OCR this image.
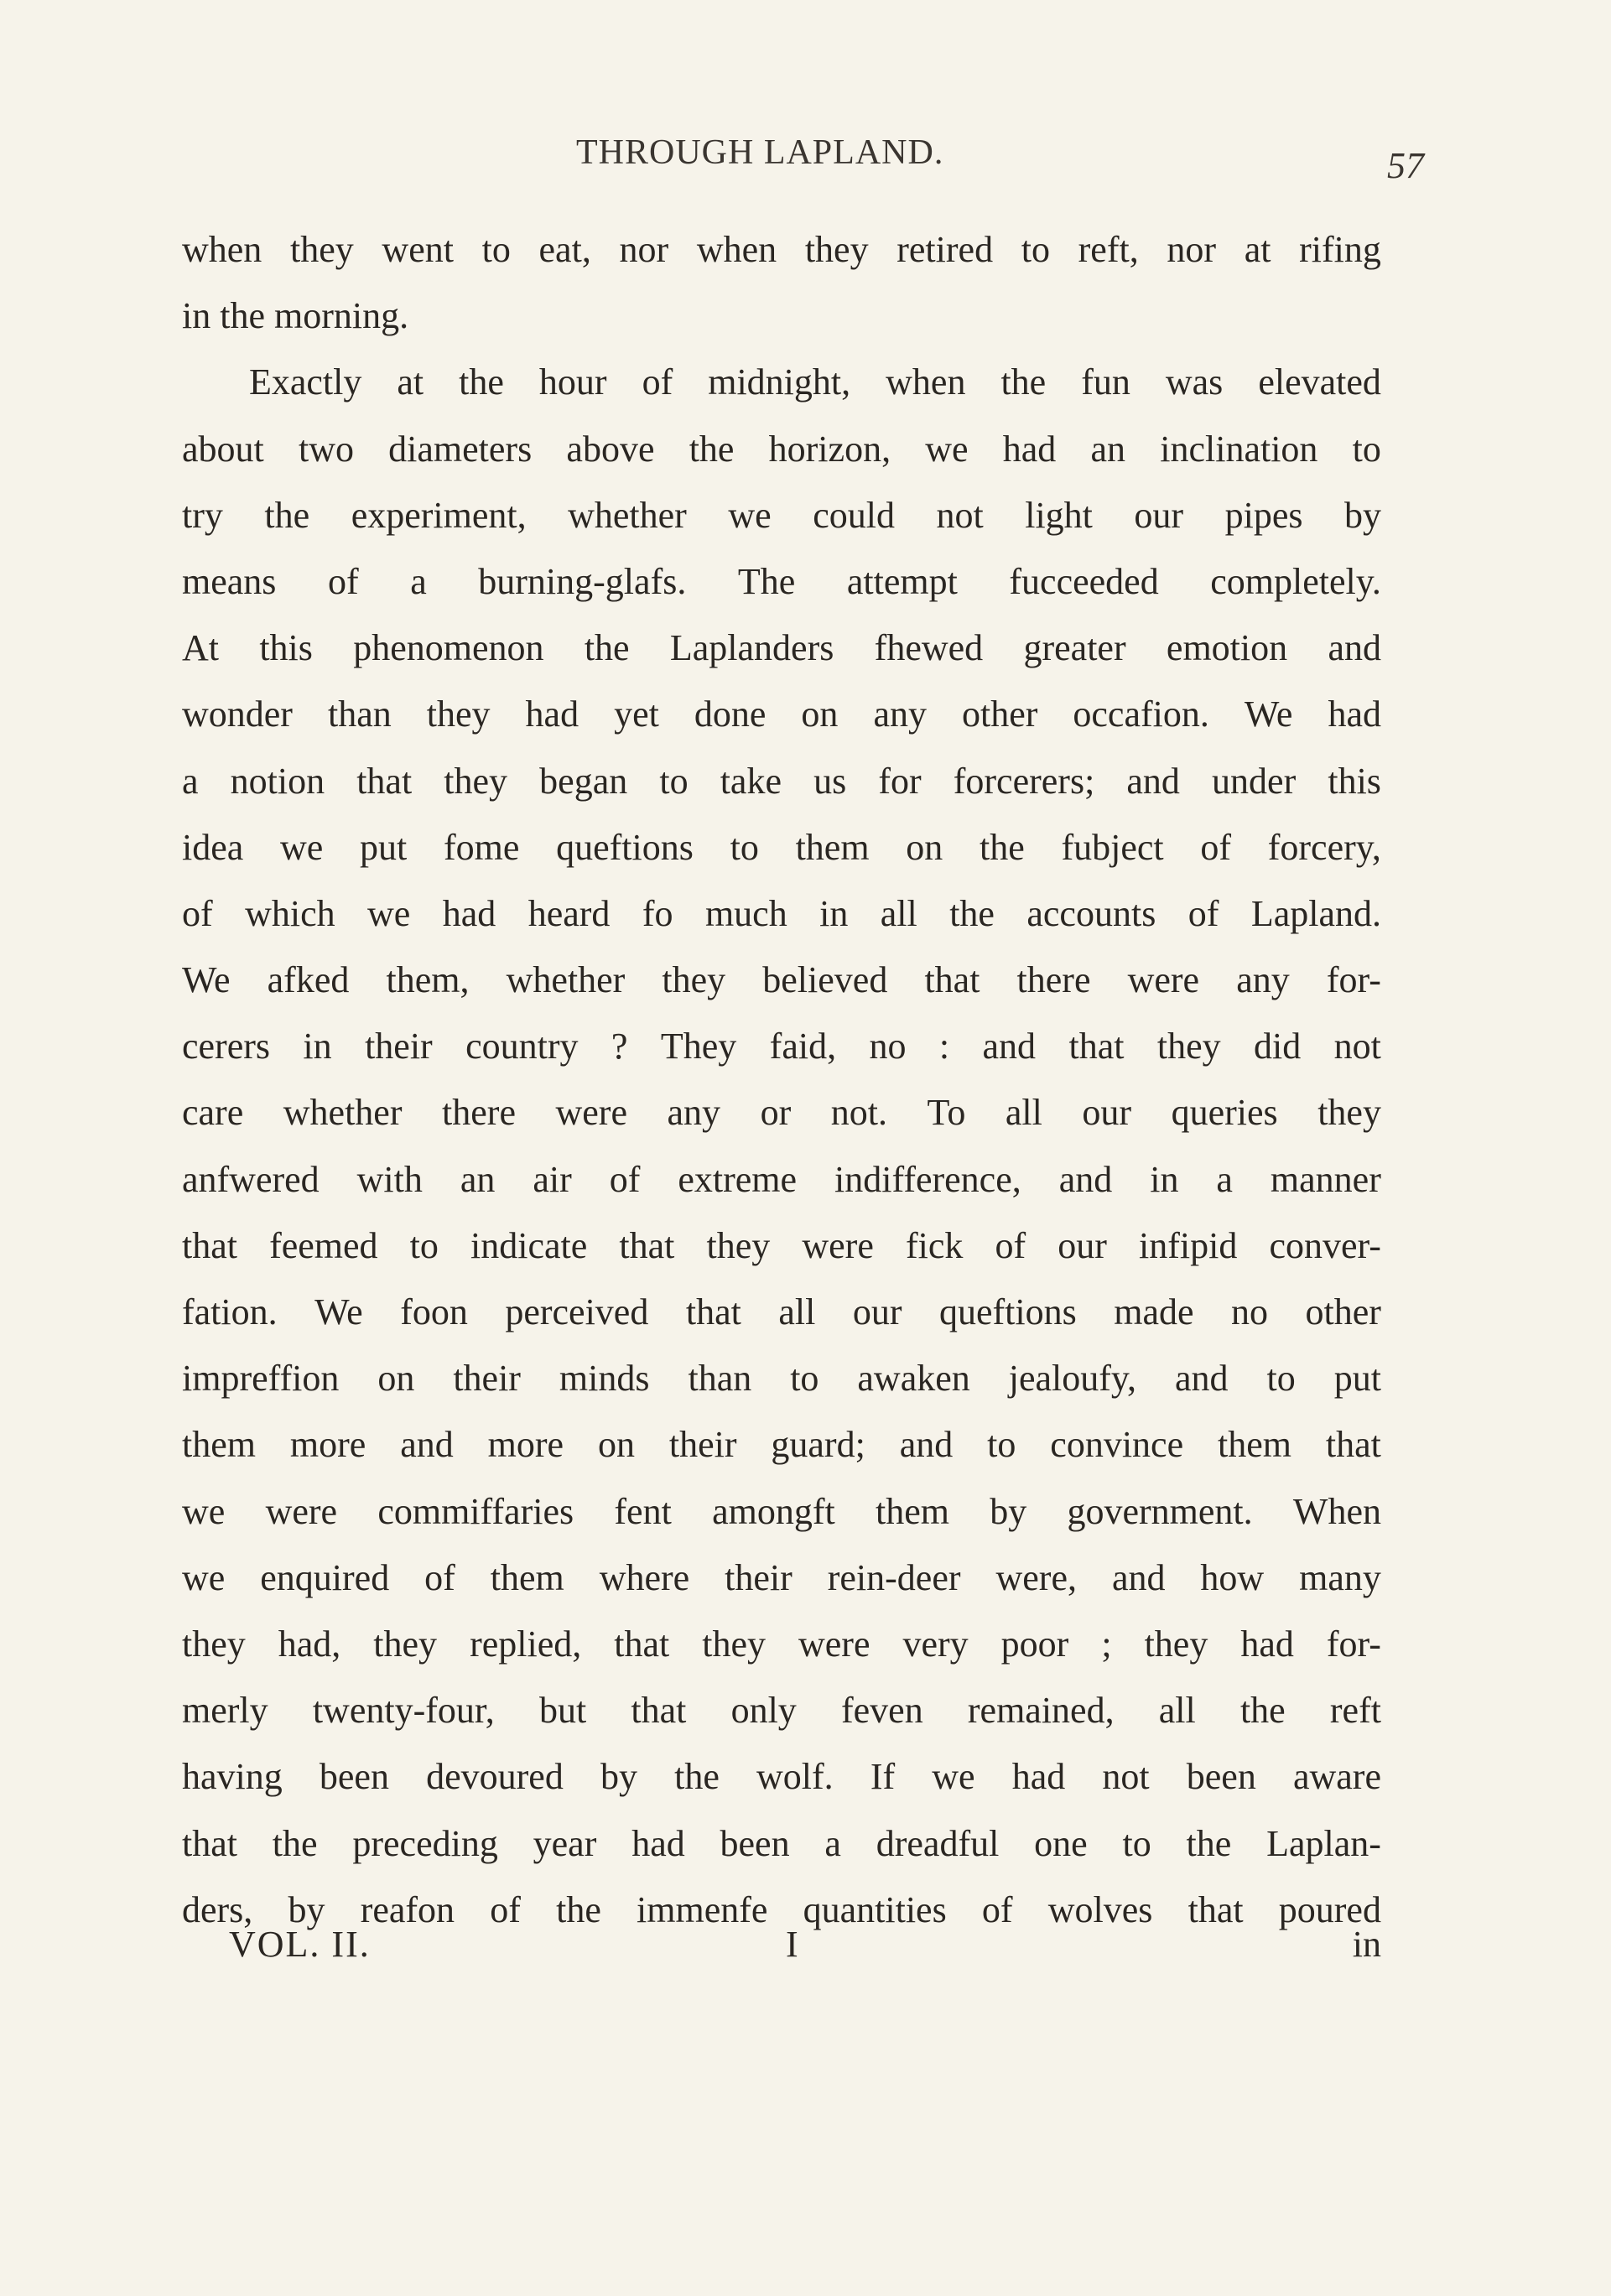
THROUGH LAPLAND.	57
when they went to eat, nor when they retired to reft, nor at rifing
in the morning.
Exactly at the hour of midnight, when the fun was elevated
about two diameters above the horizon, we had an inclination to
try the experiment, whether we could not light our pipes by
means of a burning-glafs. The attempt fucceeded completely.
At this phenomenon the Laplanders fhewed greater emotion and
wonder than they had yet done on any other occafion. We had
a notion that they began to take us for forcerers; and under this
idea we put fome queftions to them on the fubject of forcery,
of which we had heard fo much in all the accounts of Lapland.
We afked them, whether they believed that there were any for-
cerers in their country ? They faid, no : and that they did not
care whether there were any or not. To all our queries they
anfwered with an air of extreme indifference, and in a manner
that feemed to indicate that they were fick of our infipid conver-
fation. We foon perceived that all our queftions made no other
impreffion on their minds than to awaken jealoufy, and to put
them more and more on their guard; and to convince them that
we were commiffaries fent amongft them by government. When
we enquired of them where their rein-deer were, and how many
they had, they replied, that they were very poor ; they had for-
merly twenty-four, but that only feven remained, all the reft
having been devoured by the wolf. If we had not been aware
that the preceding year had been a dreadful one to the Laplan-
ders, by reafon of the immenfe quantities of wolves that poured
VOL. II.	I	in
